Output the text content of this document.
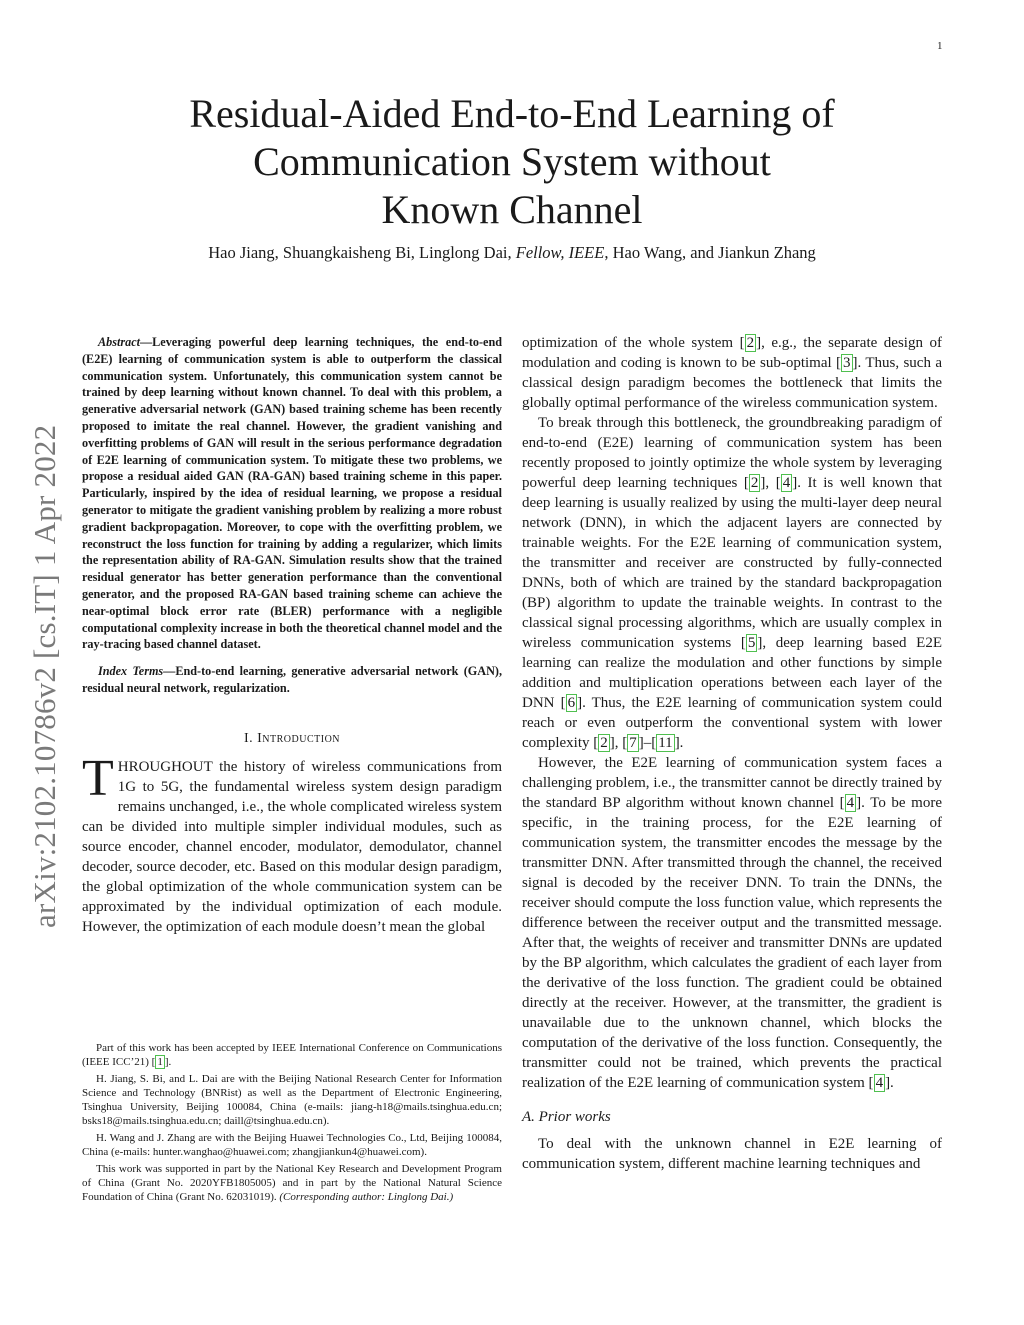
1
arXiv:2102.10786v2 [cs.IT] 1 Apr 2022
Residual-Aided End-to-End Learning of
Communication System without
Known Channel
Hao Jiang, Shuangkaisheng Bi, Linglong Dai, Fellow, IEEE, Hao Wang, and Jiankun Zhang

Abstract—Leveraging powerful deep learning techniques, the end-to-end (E2E) learning of communication system is able to outperform the classical communication system. Unfortunately, this communication system cannot be trained by deep learning without known channel. To deal with this problem, a generative adversarial network (GAN) based training scheme has been recently proposed to imitate the real channel. However, the gradient vanishing and overfitting problems of GAN will result in the serious performance degradation of E2E learning of communication system. To mitigate these two problems, we propose a residual aided GAN (RA-GAN) based training scheme in this paper. Particularly, inspired by the idea of residual learning, we propose a residual generator to mitigate the gradient vanishing problem by realizing a more robust gradient backpropagation. Moreover, to cope with the overfitting problem, we reconstruct the loss function for training by adding a regularizer, which limits the representation ability of RA-GAN. Simulation results show that the trained residual generator has better generation performance than the conventional generator, and the proposed RA-GAN based training scheme can achieve the near-optimal block error rate (BLER) performance with a negligible computational complexity increase in both the theoretical channel model and the ray-tracing based channel dataset.

Index Terms—End-to-end learning, generative adversarial network (GAN), residual neural network, regularization.

I. Introduction

THROUGHOUT the history of wireless communications from 1G to 5G, the fundamental wireless system design paradigm remains unchanged, i.e., the whole complicated wireless system can be divided into multiple simpler individual modules, such as source encoder, channel encoder, modulator, demodulator, channel decoder, source decoder, etc. Based on this modular design paradigm, the global optimization of the whole communication system can be approximated by the individual optimization of each module. However, the optimization of each module doesn’t mean the global

Part of this work has been accepted by IEEE International Conference on Communications (IEEE ICC’21) [ 1 ].

H. Jiang, S. Bi, and L. Dai are with the Beijing National Research Center for Information Science and Technology (BNRist) as well as the Department of Electronic Engineering, Tsinghua University, Beijing 100084, China (e-mails: jiang-h18@mails.tsinghua.edu.cn; bsks18@mails.tsinghua.edu.cn; daill@tsinghua.edu.cn).

H. Wang and J. Zhang are with the Beijing Huawei Technologies Co., Ltd, Beijing 100084, China (e-mails: hunter.wanghao@huawei.com; zhangjiankun4@huawei.com).

This work was supported in part by the National Key Research and Development Program of China (Grant No. 2020YFB1805005) and in part by the National Natural Science Foundation of China (Grant No. 62031019). (Corresponding author: Linglong Dai.)

optimization of the whole system [ 2 ], e.g., the separate design of modulation and coding is known to be sub-optimal [ 3 ]. Thus, such a classical design paradigm becomes the bottleneck that limits the globally optimal performance of the wireless communication system.

To break through this bottleneck, the groundbreaking paradigm of end-to-end (E2E) learning of communication system has been recently proposed to jointly optimize the whole system by leveraging powerful deep learning techniques [ 2 ], [ 4 ]. It is well known that deep learning is usually realized by using the multi-layer deep neural network (DNN), in which the adjacent layers are connected by trainable weights. For the E2E learning of communication system, the transmitter and receiver are constructed by fully-connected DNNs, both of which are trained by the standard backpropagation (BP) algorithm to update the trainable weights. In contrast to the classical signal processing algorithms, which are usually complex in wireless communication systems [ 5 ], deep learning based E2E learning can realize the modulation and other functions by simple addition and multiplication operations between each layer of the DNN [ 6 ]. Thus, the E2E learning of communication system could reach or even outperform the conventional system with lower complexity [ 2 ], [ 7 ]–[ 11 ].

However, the E2E learning of communication system faces a challenging problem, i.e., the transmitter cannot be directly trained by the standard BP algorithm without known channel [ 4 ]. To be more specific, in the training process, for the E2E learning of communication system, the transmitter encodes the message by the transmitter DNN. After transmitted through the channel, the received signal is decoded by the receiver DNN. To train the DNNs, the receiver should compute the loss function value, which represents the difference between the receiver output and the transmitted message. After that, the weights of receiver and transmitter DNNs are updated by the BP algorithm, which calculates the gradient of each layer from the derivative of the loss function. The gradient could be obtained directly at the receiver. However, at the transmitter, the gradient is unavailable due to the unknown channel, which blocks the computation of the derivative of the loss function. Consequently, the transmitter could not be trained, which prevents the practical realization of the E2E learning of communication system [ 4 ].

A. Prior works

To deal with the unknown channel in E2E learning of communication system, different machine learning techniques and
